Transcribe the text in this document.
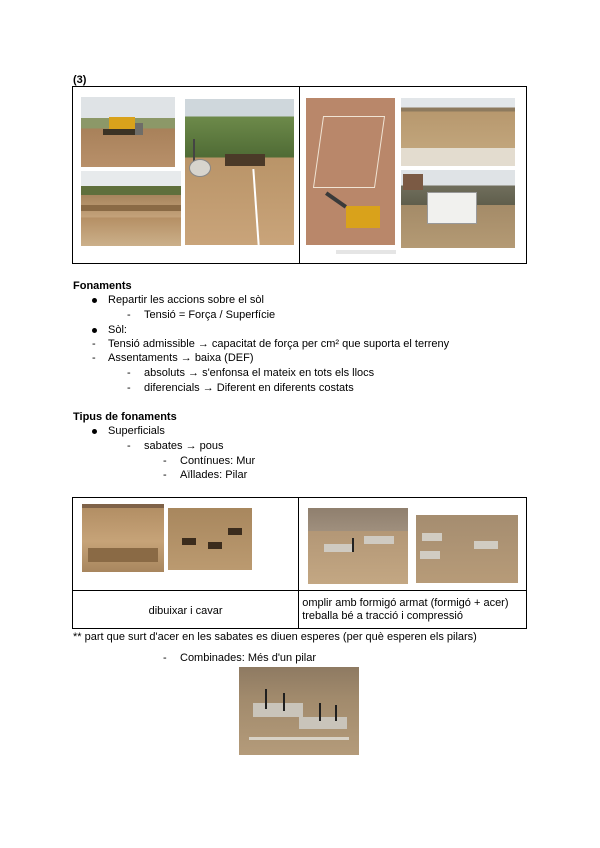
(3)

Fonaments
Repartir les accions sobre el sòl
- Tensió = Força / Superfície
Sòl:
- Tensió admissible → capacitat de força per cm² que suporta el terreny
- Assentaments → baixa (DEF)
- absoluts → s'enfonsa el mateix en tots els llocs
- diferencials → Diferent en diferents costats
Tipus de fonaments
Superficials
- sabates → pous
- Contínues: Mur
- Aïllades: Pilar

dibuixar i cavar	omplir amb formigó armat (formigó + acer)
treballa bé a tracció i compressió
** part que surt d'acer en les sabates es diuen esperes (per què esperen els pilars)
- Combinades: Més d'un pilar
